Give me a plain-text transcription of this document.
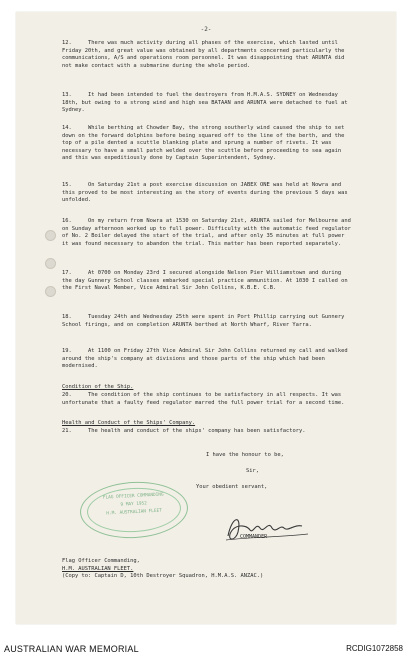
-2-
12.	There was much activity during all phases of the exercise, which lasted until Friday 20th, and great value was obtained by all departments concerned particularly the communications, A/S and operations room personnel. It was disappointing that ARUNTA did not make contact with a submarine during the whole period.
13.	It had been intended to fuel the destroyers from H.M.A.S. SYDNEY on Wednesday 18th, but owing to a strong wind and high sea BATAAN and ARUNTA were detached to fuel at Sydney.
14.	While berthing at Chowder Bay, the strong southerly wind caused the ship to set down on the forward dolphins before being squared off to the line of the berth, and the top of a pile dented a scuttle blanking plate and sprung a number of rivets. It was necessary to have a small patch welded over the scuttle before proceeding to sea again and this was expeditiously done by Captain Superintendent, Sydney.
15.	On Saturday 21st a post exercise discussion on JABEX ONE was held at Nowra and this proved to be most interesting as the story of events during the previous 5 days was unfolded.
16.	On my return from Nowra at 1530 on Saturday 21st, ARUNTA sailed for Melbourne and on Sunday afternoon worked up to full power. Difficulty with the automatic feed regulator of No. 2 Boiler delayed the start of the trial, and after only 35 minutes at full power it was found necessary to abandon the trial. This matter has been reported separately.
17.	At 0700 on Monday 23rd I secured alongside Nelson Pier Williamstown and during the day Gunnery School classes embarked special practice ammunition. At 1030 I called on the First Naval Member, Vice Admiral Sir John Collins, K.B.E. C.B.
18.	Tuesday 24th and Wednesday 25th were spent in Port Phillip carrying out Gunnery School firings, and on completion ARUNTA berthed at North Wharf, River Yarra.
19.	At 1100 on Friday 27th Vice Admiral Sir John Collins returned my call and walked around the ship's company at divisions and those parts of the ship which had been modernised.
Condition of the Ship.
20.	The condition of the ship continues to be satisfactory in all respects. It was unfortunate that a faulty feed regulator marred the full power trial for a second time.
Health and Conduct of the Ships' Company.
21.	The health and conduct of the ships' company has been satisfactory.
I have the honour to be,
Sir,
Your obedient servant,
COMMANDER
FLAG OFFICER COMMANDING
9 MAY 1952
H.M. AUSTRALIAN FLEET
Flag Officer Commanding,
H.M. AUSTRALIAN FLEET.
(Copy to: Captain D, 10th Destroyer Squadron, H.M.A.S. ANZAC.)
AUSTRALIAN WAR MEMORIAL	RCDIG1072858
